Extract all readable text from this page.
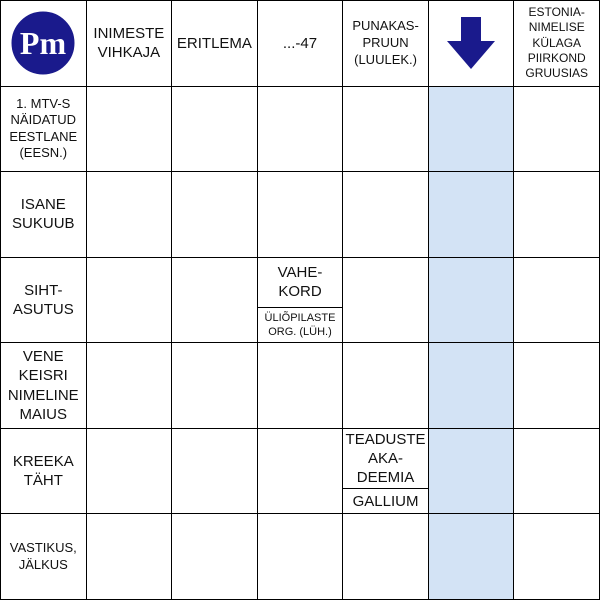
Pm	INIMESTE
VIHKAJA
ERITLEMA	...-47
PUNAKAS-
PRUUN
(LUULEK.)
ESTONIA-
NIMELISE
KÜLAGA
PIIRKOND
GRUUSIAS
1. MTV-S
NÄIDATUD
EESTLANE
(EESN.)
ISANE
SUKUUB
SIHT-
ASUTUS
VAHE-
KORD
ÜLIÕPILASTE
ORG. (LÜH.)
VENE
KEISRI
NIMELINE
MAIUS
KREEKA
TÄHT
TEADUSTE
AKA-
DEEMIA
GALLIUM
VASTIKUS,
JÄLKUS
